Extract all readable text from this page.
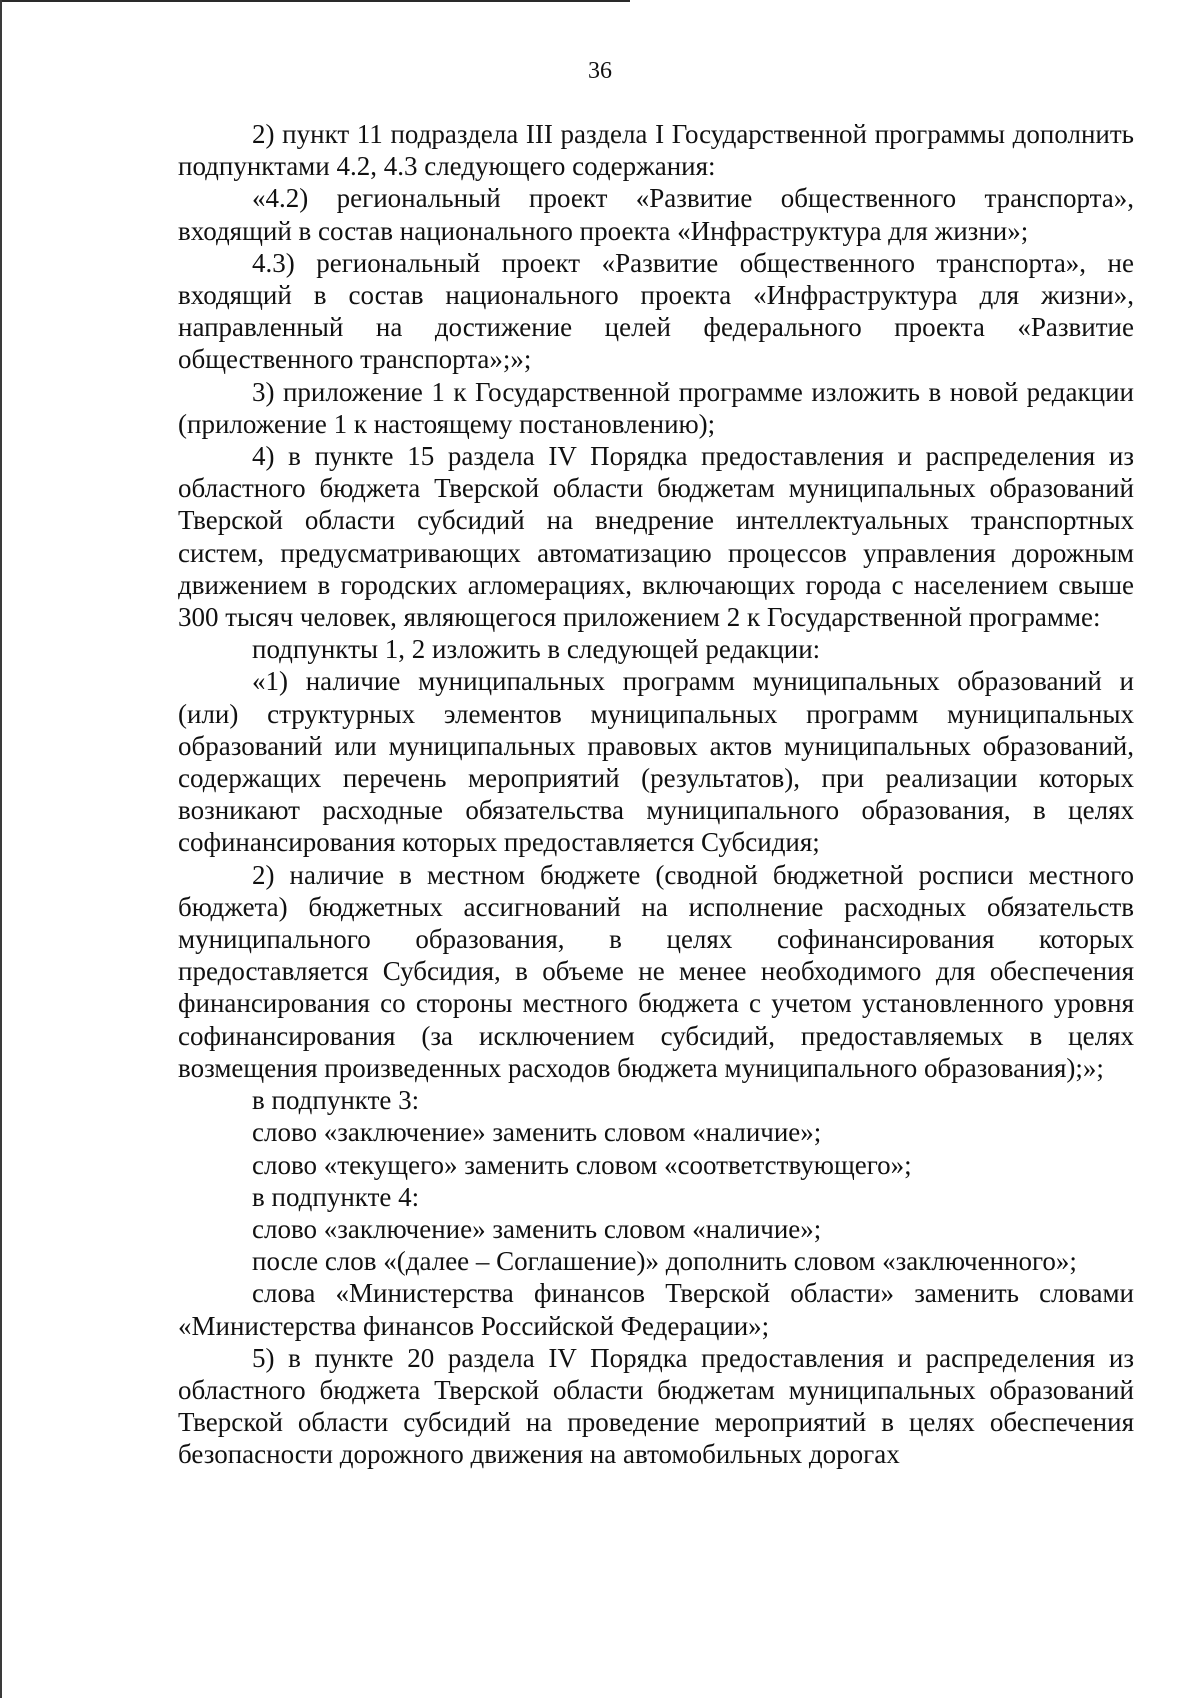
36

2) пункт 11 подраздела III раздела I Государственной программы дополнить подпунктами 4.2, 4.3 следующего содержания:

«4.2) региональный проект «Развитие общественного транспорта», входящий в состав национального проекта «Инфраструктура для жизни»;

4.3) региональный проект «Развитие общественного транспорта», не входящий в состав национального проекта «Инфраструктура для жизни», направленный на достижение целей федерального проекта «Развитие общественного транспорта»;»;

3) приложение 1 к Государственной программе изложить в новой редакции (приложение 1 к настоящему постановлению);

4) в пункте 15 раздела IV Порядка предоставления и распределения из областного бюджета Тверской области бюджетам муниципальных образований Тверской области субсидий на внедрение интеллектуальных транспортных систем, предусматривающих автоматизацию процессов управления дорожным движением в городских агломерациях, включающих города с населением свыше 300 тысяч человек, являющегося приложением 2 к Государственной программе:

подпункты 1, 2 изложить в следующей редакции:

«1) наличие муниципальных программ муниципальных образований и (или) структурных элементов муниципальных программ муниципальных образований или муниципальных правовых актов муниципальных образований, содержащих перечень мероприятий (результатов), при реализации которых возникают расходные обязательства муниципального образования, в целях софинансирования которых предоставляется Субсидия;

2) наличие в местном бюджете (сводной бюджетной росписи местного бюджета) бюджетных ассигнований на исполнение расходных обязательств муниципального образования, в целях софинансирования которых предоставляется Субсидия, в объеме не менее необходимого для обеспечения финансирования со стороны местного бюджета с учетом установленного уровня софинансирования (за исключением субсидий, предоставляемых в целях возмещения произведенных расходов бюджета муниципального образования);»;

в подпункте 3:

слово «заключение» заменить словом «наличие»;

слово «текущего» заменить словом «соответствующего»;

в подпункте 4:

слово «заключение» заменить словом «наличие»;

после слов «(далее – Соглашение)» дополнить словом «заключенного»;

слова «Министерства финансов Тверской области» заменить словами «Министерства финансов Российской Федерации»;

5) в пункте 20 раздела IV Порядка предоставления и распределения из областного бюджета Тверской области бюджетам муниципальных образований Тверской области субсидий на проведение мероприятий в целях обеспечения безопасности дорожного движения на автомобильных дорогах
